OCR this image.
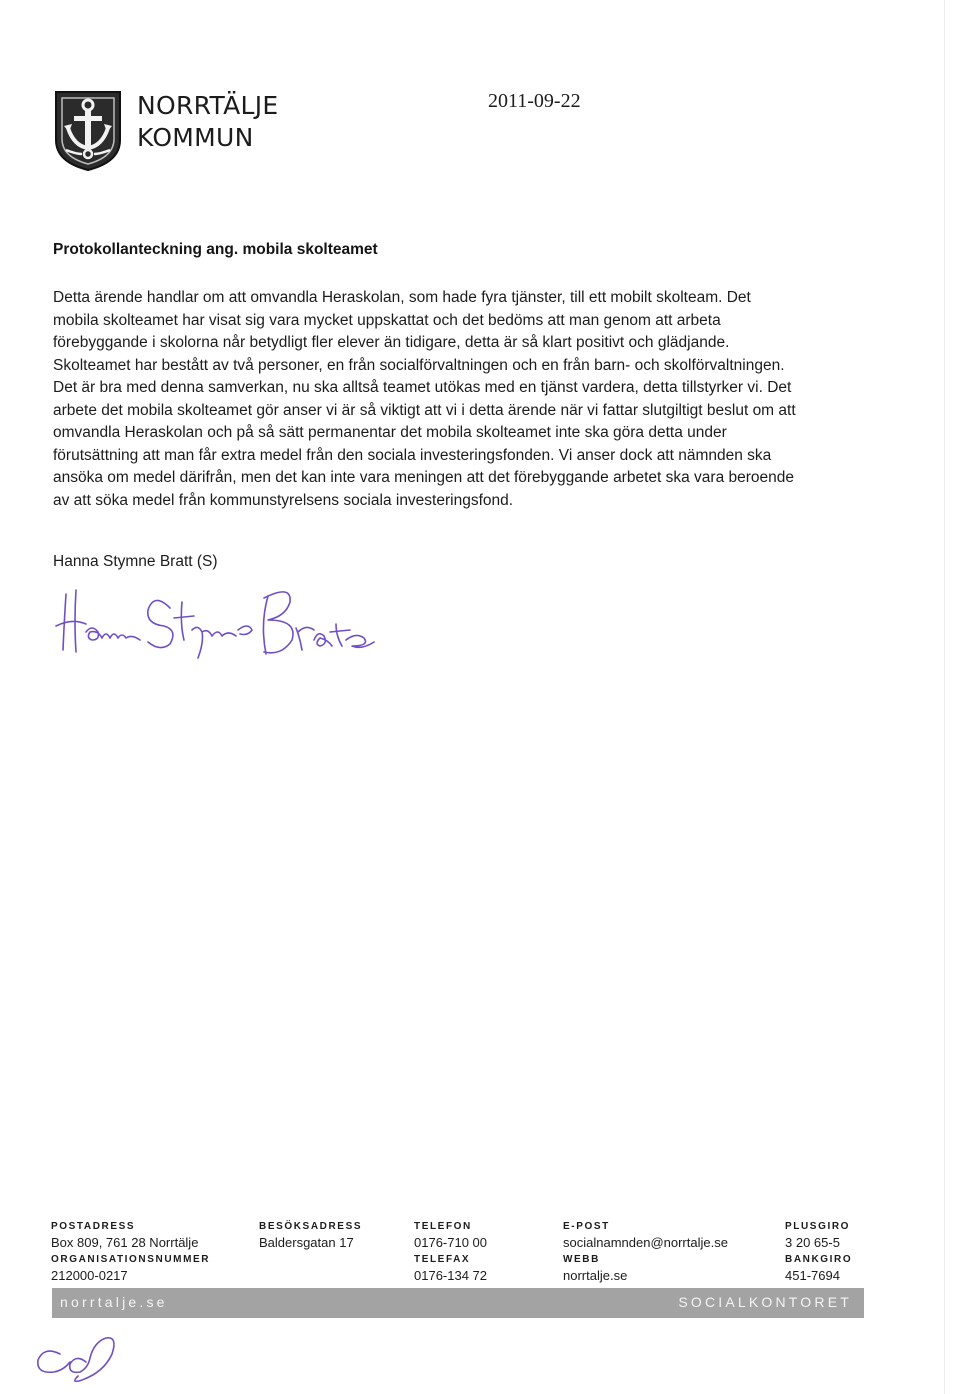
NORRTÄLJE
KOMMUN
2011-09-22
Protokollanteckning ang. mobila skolteamet
Detta ärende handlar om att omvandla Heraskolan, som hade fyra tjänster, till ett mobilt skolteam. Det
mobila skolteamet har visat sig vara mycket uppskattat och det bedöms att man genom att arbeta
förebyggande i skolorna når betydligt fler elever än tidigare, detta är så klart positivt och glädjande.
Skolteamet har bestått av två personer, en från socialförvaltningen och en från barn- och skolförvaltningen.
Det är bra med denna samverkan, nu ska alltså teamet utökas med en tjänst vardera, detta tillstyrker vi. Det
arbete det mobila skolteamet gör anser vi är så viktigt att vi i detta ärende när vi fattar slutgiltigt beslut om att
omvandla Heraskolan och på så sätt permanentar det mobila skolteamet inte ska göra detta under
förutsättning att man får extra medel från den sociala investeringsfonden. Vi anser dock att nämnden ska
ansöka om medel därifrån, men det kan inte vara meningen att det förebyggande arbetet ska vara beroende
av att söka medel från kommunstyrelsens sociala investeringsfond.
Hanna Stymne Bratt (S)
POSTADRESS
Box 809, 761 28 Norrtälje
ORGANISATIONSNUMMER
212000-0217
BESÖKSADRESS
Baldersgatan 17
TELEFON
0176-710 00
TELEFAX
0176-134 72
E-POST
socialnamnden@norrtalje.se
WEBB
norrtalje.se
PLUSGIRO
3 20 65-5
BANKGIRO
451-7694
norrtalje.se	SOCIALKONTORET
